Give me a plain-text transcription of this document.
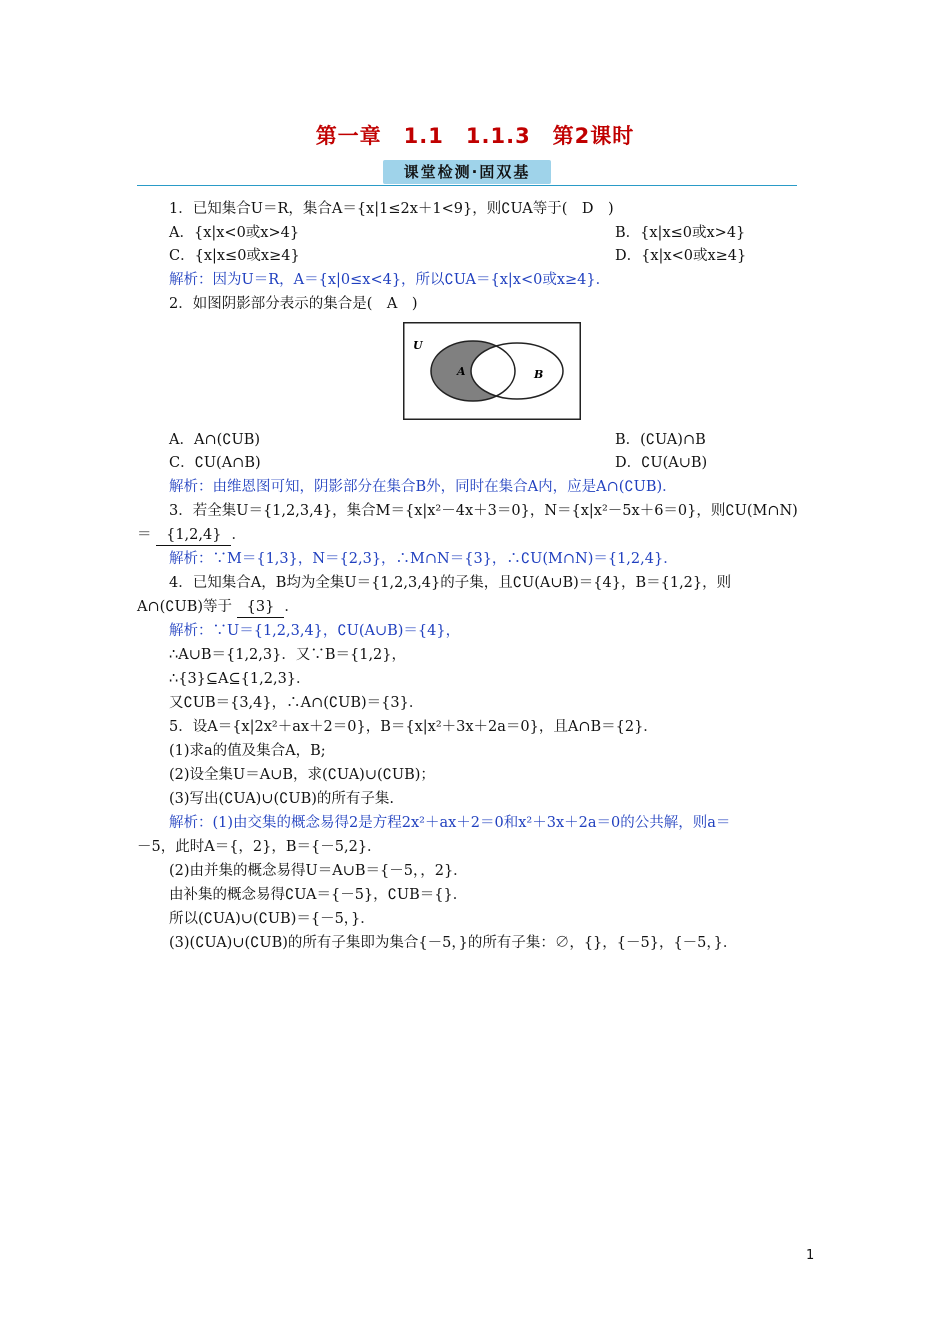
第一章　1.1　1.1.3　第2课时
课堂检测·固双基
1．已知集合U＝R，集合A＝{x|1≤2x＋1<9}，则∁UA等于(　D　)
A．{x|x<0或x>4}	B．{x|x≤0或x>4}
C．{x|x≤0或x≥4}	D．{x|x<0或x≥4}
解析：因为U＝R，A＝{x|0≤x<4}，所以∁UA＝{x|x<0或x≥4}．
2．如图阴影部分表示的集合是(　A　)
U
A	B
A．A∩(∁UB)	B．(∁UA)∩B
C．∁U(A∩B)	D．∁U(A∪B)
解析：由维恩图可知，阴影部分在集合B外，同时在集合A内，应是A∩(∁UB)．
3．若全集U＝{1,2,3,4}，集合M＝{x|x²－4x＋3＝0}，N＝{x|x²－5x＋6＝0}，则∁U(M∩N)
＝ {1,2,4} ．
解析：∵M＝{1,3}，N＝{2,3}，∴M∩N＝{3}，∴∁U(M∩N)＝{1,2,4}．
4．已知集合A，B均为全集U＝{1,2,3,4}的子集，且∁U(A∪B)＝{4}，B＝{1,2}，则
A∩(∁UB)等于 {3} ．
解析：∵U＝{1,2,3,4}，∁U(A∪B)＝{4}，
∴A∪B＝{1,2,3}．又∵B＝{1,2}，
∴{3}⊆A⊆{1,2,3}．
又∁UB＝{3,4}，∴A∩(∁UB)＝{3}．
5．设A＝{x|2x²＋ax＋2＝0}，B＝{x|x²＋3x＋2a＝0}，且A∩B＝{2}．
(1)求a的值及集合A，B;
(2)设全集U＝A∪B，求(∁UA)∪(∁UB)；
(3)写出(∁UA)∪(∁UB)的所有子集.
解析：(1)由交集的概念易得2是方程2x²＋ax＋2＝0和x²＋3x＋2a＝0的公共解，则a＝
－5，此时A＝{，2}，B＝{－5,2}．
(2)由并集的概念易得U＝A∪B＝{－5，，2}．
由补集的概念易得∁UA＝{－5}，∁UB＝{}．
所以(∁UA)∪(∁UB)＝{－5，}．
(3)(∁UA)∪(∁UB)的所有子集即为集合{－5，}的所有子集：∅，{}，{－5}，{－5，}．
1
